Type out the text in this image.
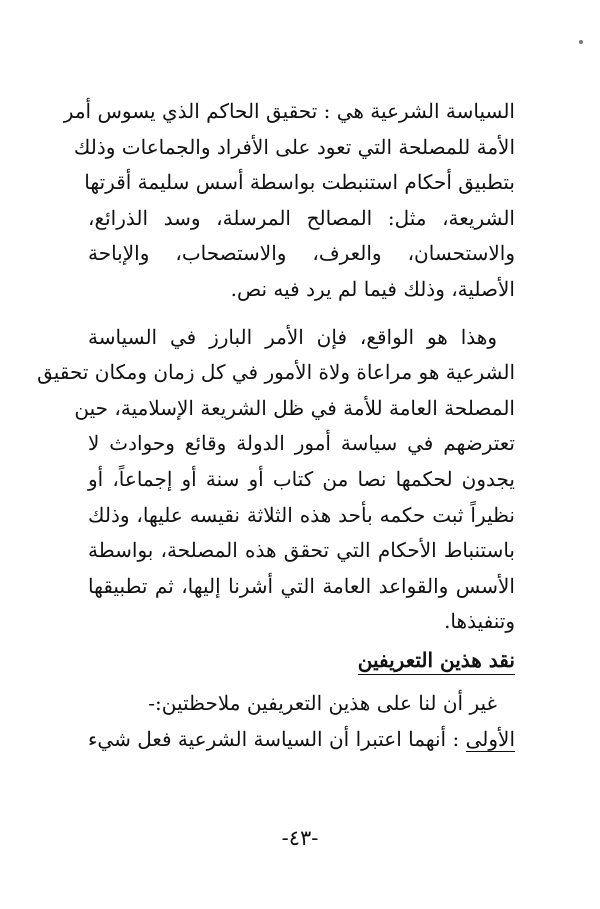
السياسة الشرعية هي : تحقيق الحاكم الذي يسوس أمر
الأمة للمصلحة التي تعود على الأفراد والجماعات وذلك
بتطبيق أحكام استنبطت بواسطة أسس سليمة أقرتها
الشريعة، مثل: المصالح المرسلة، وسد الذرائع،
والاستحسان، والعرف، والاستصحاب، والإباحة
الأصلية، وذلك فيما لم يرد فيه نص.
وهذا هو الواقع، فإن الأمر البارز في السياسة
الشرعية هو مراعاة ولاة الأمور في كل زمان ومكان تحقيق
المصلحة العامة للأمة في ظل الشريعة الإسلامية، حين
تعترضهم في سياسة أمور الدولة وقائع وحوادث لا
يجدون لحكمها نصا من كتاب أو سنة أو إجماعاً، أو
نظيراً ثبت حكمه بأحد هذه الثلاثة نقيسه عليها، وذلك
باستنباط الأحكام التي تحقق هذه المصلحة، بواسطة
الأسس والقواعد العامة التي أشرنا إليها، ثم تطبيقها
وتنفيذها.
نقد هذين التعريفين
غير أن لنا على هذين التعريفين ملاحظتين:-
الأولى : أنهما اعتبرا أن السياسة الشرعية فعل شيء
-٤٣-
